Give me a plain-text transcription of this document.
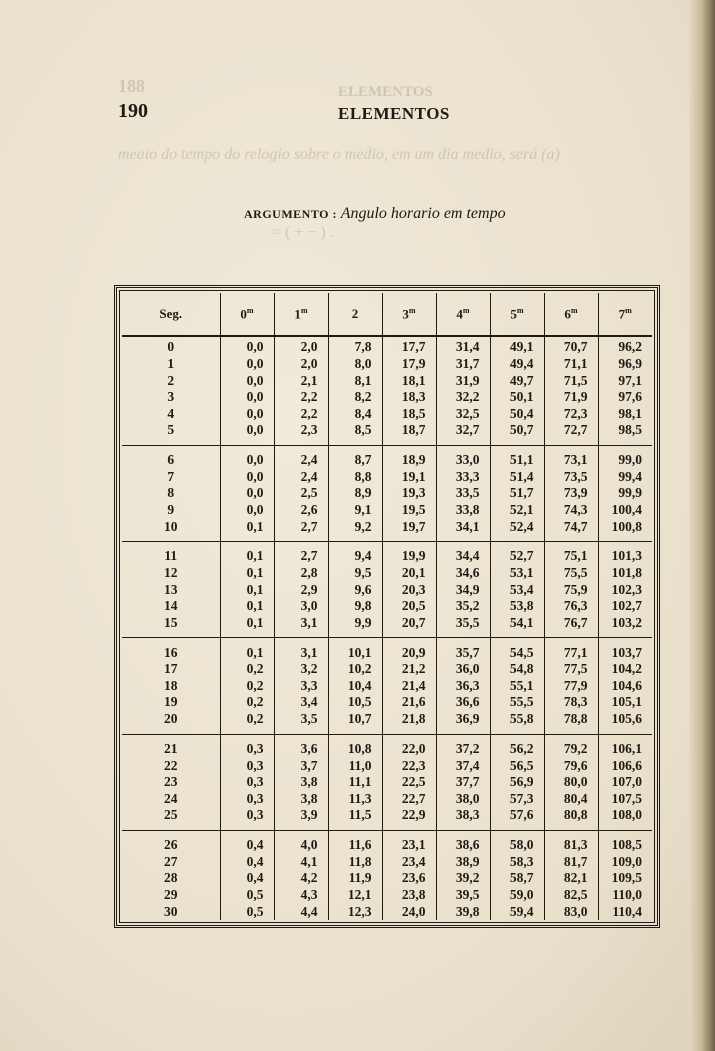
188	ELEMENTOS
meaio do tempo do relogio sobre o medio, em um dia medio, será (a)
= ( + − ) .
190	ELEMENTOS
ARGUMENTO : Angulo horario em tempo
Seg.	0$^m$	1$^m$	2	3$^m$	4$^m$	5$^m$	6$^m$	7$^m$
0	0,0	2,0	7,8	17,7	31,4	49,1	70,7	96,2
1	0,0	2,0	8,0	17,9	31,7	49,4	71,1	96,9
2	0,0	2,1	8,1	18,1	31,9	49,7	71,5	97,1
3	0,0	2,2	8,2	18,3	32,2	50,1	71,9	97,6
4	0,0	2,2	8,4	18,5	32,5	50,4	72,3	98,1
5	0,0	2,3	8,5	18,7	32,7	50,7	72,7	98,5
6	0,0	2,4	8,7	18,9	33,0	51,1	73,1	99,0
7	0,0	2,4	8,8	19,1	33,3	51,4	73,5	99,4
8	0,0	2,5	8,9	19,3	33,5	51,7	73,9	99,9
9	0,0	2,6	9,1	19,5	33,8	52,1	74,3	100,4
10	0,1	2,7	9,2	19,7	34,1	52,4	74,7	100,8
11	0,1	2,7	9,4	19,9	34,4	52,7	75,1	101,3
12	0,1	2,8	9,5	20,1	34,6	53,1	75,5	101,8
13	0,1	2,9	9,6	20,3	34,9	53,4	75,9	102,3
14	0,1	3,0	9,8	20,5	35,2	53,8	76,3	102,7
15	0,1	3,1	9,9	20,7	35,5	54,1	76,7	103,2
16	0,1	3,1	10,1	20,9	35,7	54,5	77,1	103,7
17	0,2	3,2	10,2	21,2	36,0	54,8	77,5	104,2
18	0,2	3,3	10,4	21,4	36,3	55,1	77,9	104,6
19	0,2	3,4	10,5	21,6	36,6	55,5	78,3	105,1
20	0,2	3,5	10,7	21,8	36,9	55,8	78,8	105,6
21	0,3	3,6	10,8	22,0	37,2	56,2	79,2	106,1
22	0,3	3,7	11,0	22,3	37,4	56,5	79,6	106,6
23	0,3	3,8	11,1	22,5	37,7	56,9	80,0	107,0
24	0,3	3,8	11,3	22,7	38,0	57,3	80,4	107,5
25	0,3	3,9	11,5	22,9	38,3	57,6	80,8	108,0
26	0,4	4,0	11,6	23,1	38,6	58,0	81,3	108,5
27	0,4	4,1	11,8	23,4	38,9	58,3	81,7	109,0
28	0,4	4,2	11,9	23,6	39,2	58,7	82,1	109,5
29	0,5	4,3	12,1	23,8	39,5	59,0	82,5	110,0
30	0,5	4,4	12,3	24,0	39,8	59,4	83,0	110,4
